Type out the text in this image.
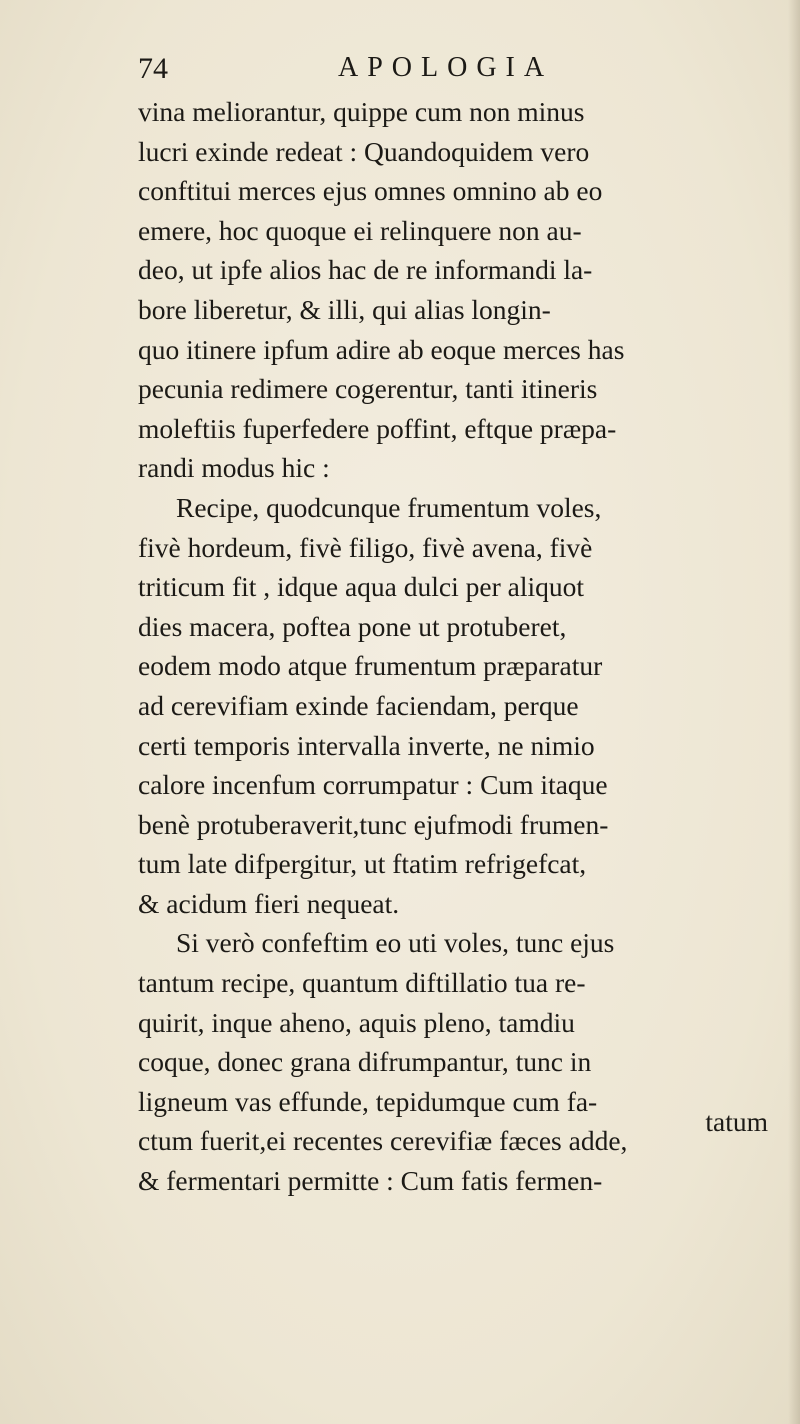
74	APOLOGIA
vina meliorantur, quippe cum non minus
lucri exinde redeat : Quandoquidem vero
conftitui merces ejus omnes omnino ab eo
emere, hoc quoque ei relinquere non au-
deo, ut ipfe alios hac de re informandi la-
bore liberetur, & illi, qui alias longin-
quo itinere ipfum adire ab eoque merces has
pecunia redimere cogerentur, tanti itineris
moleftiis fuperfedere poffint, eftque præpa-
randi modus hic :
Recipe, quodcunque frumentum voles,
fivè hordeum, fivè filigo, fivè avena, fivè
triticum fit , idque aqua dulci per aliquot
dies macera, poftea pone ut protuberet,
eodem modo atque frumentum præparatur
ad cerevifiam exinde faciendam, perque
certi temporis intervalla inverte, ne nimio
calore incenfum corrumpatur : Cum itaque
benè protuberaverit,tunc ejufmodi frumen-
tum late difpergitur, ut ftatim refrigefcat,
& acidum fieri nequeat.
Si verò confeftim eo uti voles, tunc ejus
tantum recipe, quantum diftillatio tua re-
quirit, inque aheno, aquis pleno, tamdiu
coque, donec grana difrumpantur, tunc in
ligneum vas effunde, tepidumque cum fa-
ctum fuerit,ei recentes cerevifiæ fæces adde,
& fermentari permitte : Cum fatis fermen-
tatum
